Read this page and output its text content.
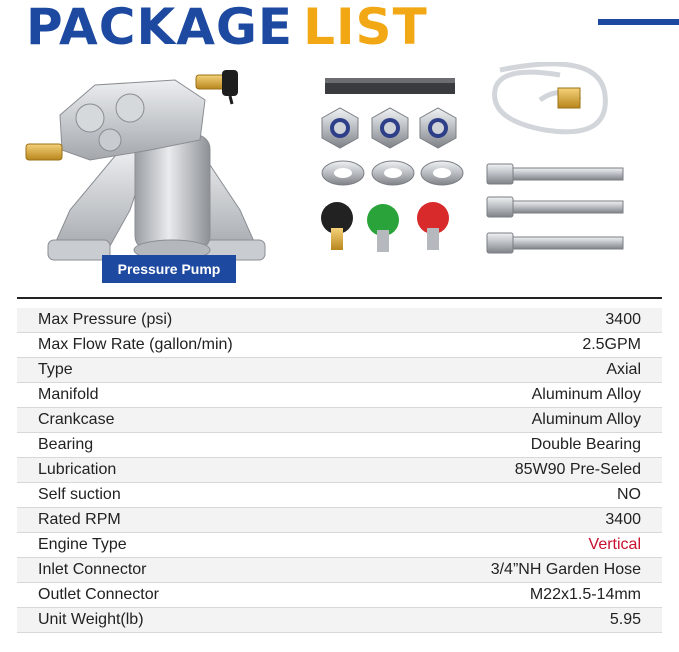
PACKAGE LIST
Pressure Pump
Max Pressure (psi)	3400
Max Flow Rate (gallon/min)	2.5GPM
Type	Axial
Manifold	Aluminum Alloy
Crankcase	Aluminum Alloy
Bearing	Double Bearing
Lubrication	85W90 Pre-Seled
Self suction	NO
Rated RPM	3400
Engine Type	Vertical
Inlet Connector	3/4”NH Garden Hose
Outlet Connector	M22x1.5-14mm
Unit Weight(lb)	5.95
